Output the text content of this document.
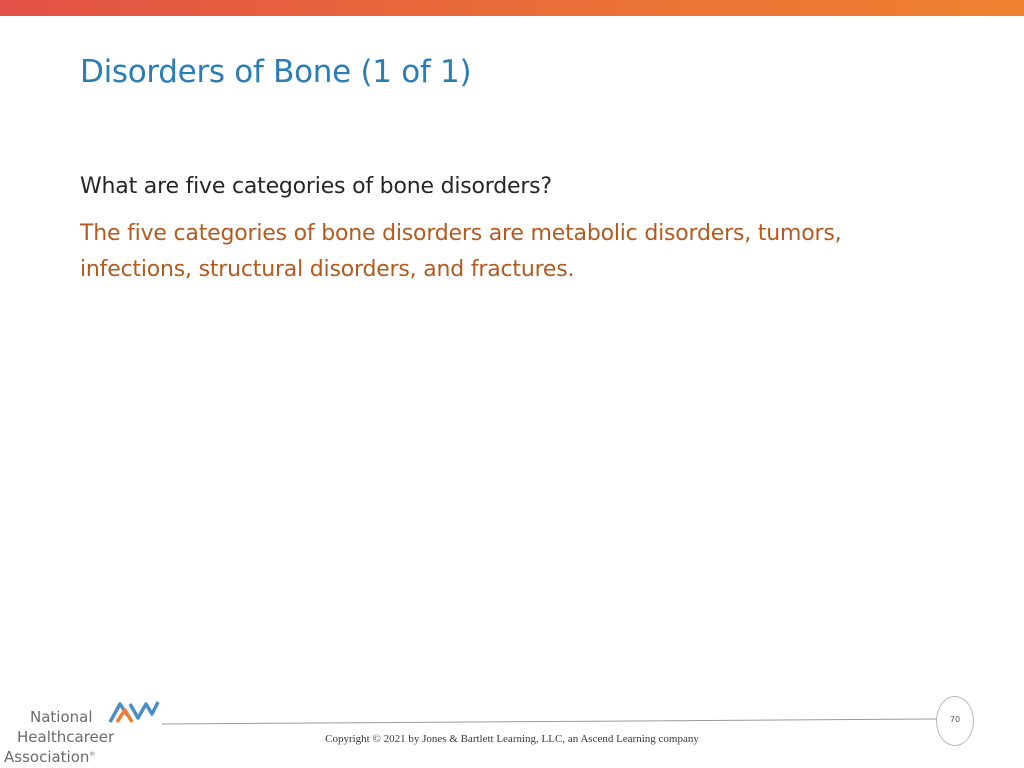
Disorders of Bone (1 of 1)

What are five categories of bone disorders?

The five categories of bone disorders are metabolic disorders, tumors,
infections, structural disorders, and fractures.

National
Healthcareer
Association®
Copyright © 2021 by Jones & Bartlett Learning, LLC, an Ascend Learning company
70
